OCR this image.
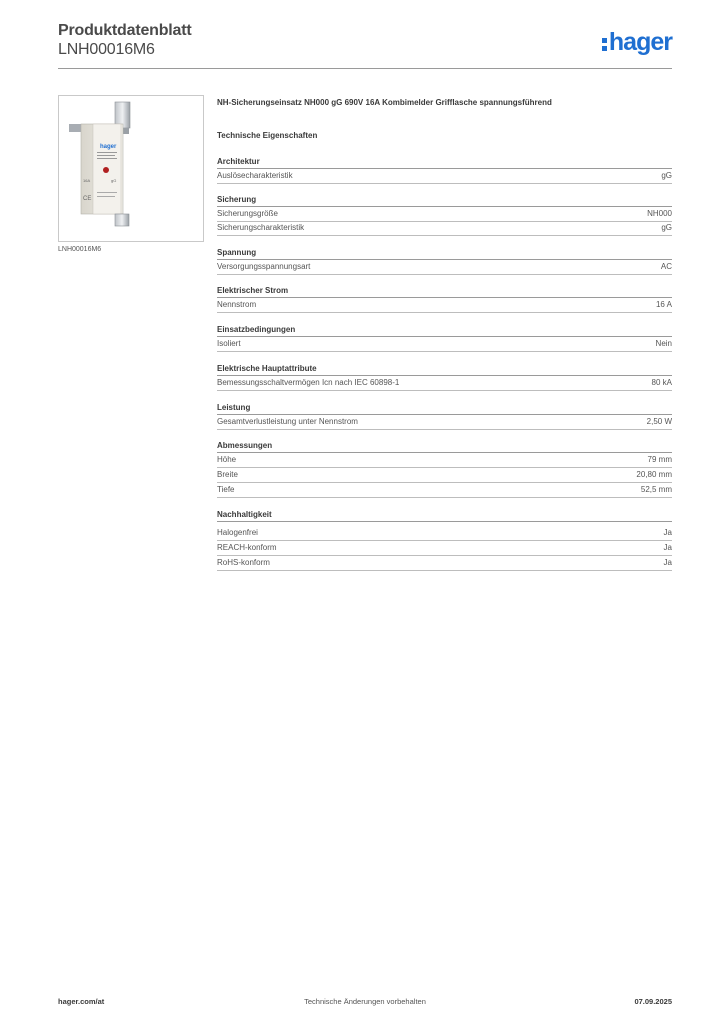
Produktdatenblatt
LNH00016M6	hager
hager
16A	gG
CE
LNH00016M6
NH-Sicherungseinsatz NH000 gG 690V 16A Kombimelder Grifflasche spannungsführend
Technische Eigenschaften
Architektur
Auslösecharakteristik	gG
Sicherung
Sicherungsgröße	NH000
Sicherungscharakteristik	gG
Spannung
Versorgungsspannungsart	AC
Elektrischer Strom
Nennstrom	16 A
Einsatzbedingungen
Isoliert	Nein
Elektrische Hauptattribute
Bemessungsschaltvermögen Icn nach IEC 60898-1	80 kA
Leistung
Gesamtverlustleistung unter Nennstrom	2,50 W
Abmessungen
Höhe	79 mm
Breite	20,80 mm
Tiefe	52,5 mm
Nachhaltigkeit
Halogenfrei	Ja
REACH-konform	Ja
RoHS-konform	Ja
hager.com/at	Technische Änderungen vorbehalten	07.09.2025
